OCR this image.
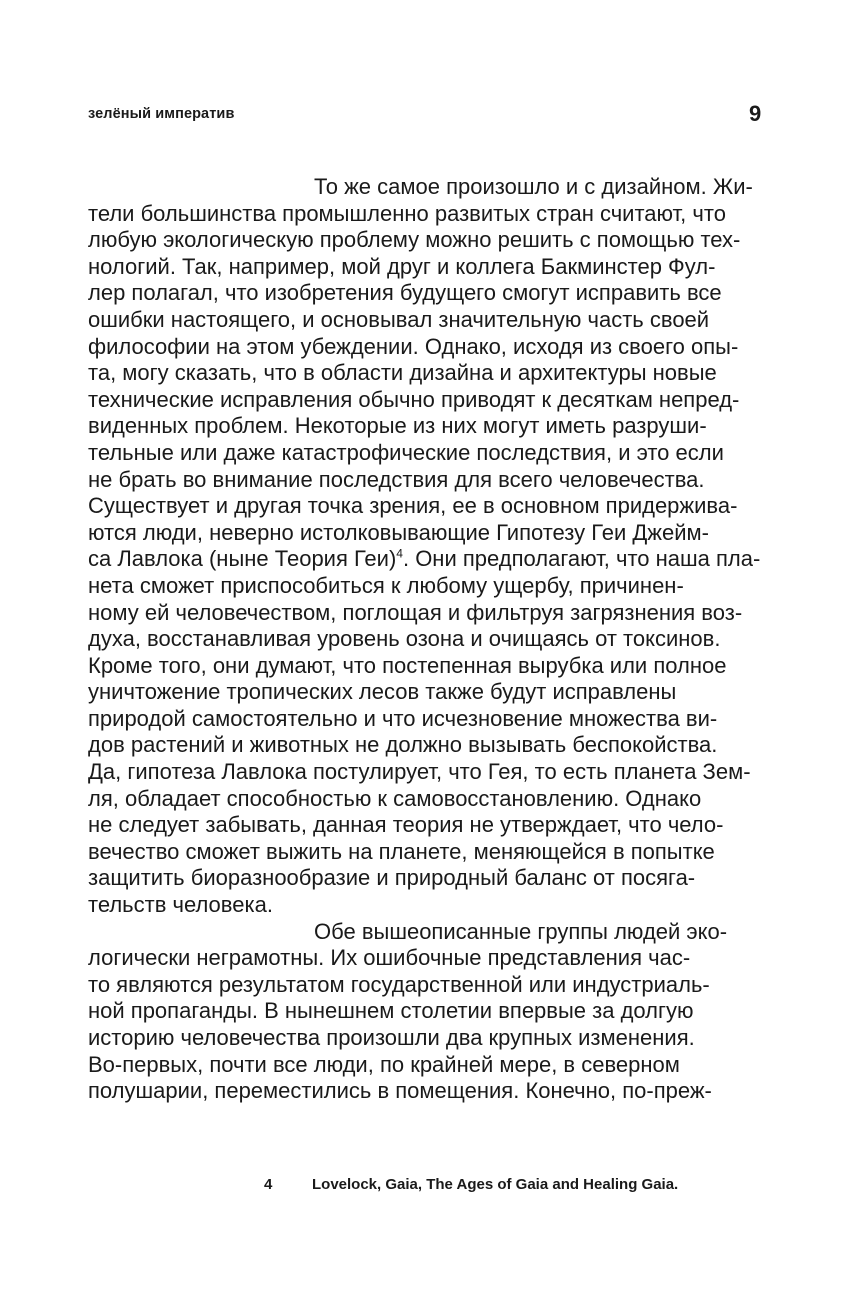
зелёный императив	9
То же самое произошло и с дизайном. Жи-
тели большинства промышленно развитых стран считают, что
любую экологическую проблему можно решить с помощью тех-
нологий. Так, например, мой друг и коллега Бакминстер Фул-
лер полагал, что изобретения будущего смогут исправить все
ошибки настоящего, и основывал значительную часть своей
философии на этом убеждении. Однако, исходя из своего опы-
та, могу сказать, что в области дизайна и архитектуры новые
технические исправления обычно приводят к десяткам непред-
виденных проблем. Некоторые из них могут иметь разруши-
тельные или даже катастрофические последствия, и это если
не брать во внимание последствия для всего человечества.
Существует и другая точка зрения, ее в основном придержива-
ются люди, неверно истолковывающие Гипотезу Геи Джейм-
са Лавлока (ныне Теория Геи)$^4$. Они предполагают, что наша пла-
нета сможет приспособиться к любому ущербу, причинен-
ному ей человечеством, поглощая и фильтруя загрязнения воз-
духа, восстанавливая уровень озона и очищаясь от токсинов.
Кроме того, они думают, что постепенная вырубка или полное
уничтожение тропических лесов также будут исправлены
природой самостоятельно и что исчезновение множества ви-
дов растений и животных не должно вызывать беспокойства.
Да, гипотеза Лавлока постулирует, что Гея, то есть планета Зем-
ля, обладает способностью к самовосстановлению. Однако
не следует забывать, данная теория не утверждает, что чело-
вечество сможет выжить на планете, меняющейся в попытке
защитить биоразнообразие и природный баланс от посяга-
тельств человека.
Обе вышеописанные группы людей эко-
логически неграмотны. Их ошибочные представления час-
то являются результатом государственной или индустриаль-
ной пропаганды. В нынешнем столетии впервые за долгую
историю человечества произошли два крупных изменения.
Во-первых, почти все люди, по крайней мере, в северном
полушарии, переместились в помещения. Конечно, по-преж-
4	Lovelock, Gaia, The Ages of Gaia and Healing Gaia.
